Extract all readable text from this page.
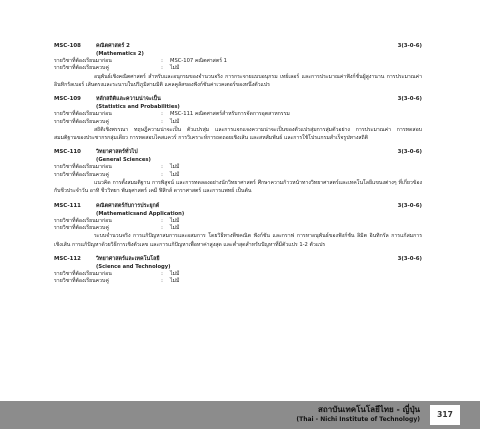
MSC-108	คณิตศาสตร์ 2	3(3-0-6)
(Mathematics 2)
รายวิชาที่ต้องเรียนมาก่อน	:	MSC-107 คณิตศาสตร์ 1
รายวิชาที่ต้องเรียนควบคู่	:	ไม่มี
อนุพันธ์เชิงคณิตศาสตร์ สำหรับและอนุกรมของจำนวนจริง การกระจายแบบอนุกรม เทย์เลอร์ และการประมาณค่าฟังก์ชั่นผู้สูงานาน การประมาณค่าอินทิกรัลเบอร์ เส้นตรงและระนาบในปริภูมิสามมิติ แคลคูลัสของฟังก์ชันค่าเวคเตอร์ของหนึ่งตัวแปร
MSC-109	หลักสถิติและความน่าจะเป็น	3(3-0-6)
(Statistics and Probabilities)
รายวิชาที่ต้องเรียนมาก่อน	:	MSC-111 คณิตศาสตร์สำหรับการจัดการอุตสาหกรรม
รายวิชาที่ต้องเรียนควบคู่	:	ไม่มี
สถิติเชิงพรรณา ทฤษฎีความน่าจะเป็น ตัวแปรสุ่ม และการแจกแจงความน่าจะเป็นของตัวแปรสุ่มการสุ่มตัวอย่าง การประมาณค่า การทดสอบสมมติฐานของประชากรกลุ่มเดียว การทดสอบไคสแควร์ การวิเคราะห์การถดถอยเชิงเส้น และสหสัมพันธ์ และการใช้โปรแกรมสำเร็จรูปทางสถิติ
MSC-110	วิทยาศาสตร์ทั่วไป	3(3-0-6)
(General Sciences)
รายวิชาที่ต้องเรียนมาก่อน	:	ไม่มี
รายวิชาที่ต้องเรียนควบคู่	:	ไม่มี
แนวคิด การตั้งสมมติฐาน การพิสูจน์ และการทดลองอย่างนักวิทยาศาสตร์ ศึกษาความก้าวหน้าทางวิทยาศาสตร์และเทคโนโลยีแขนงต่างๆ ที่เกี่ยวข้องกับชีวประจำวัน อาทิ ชีววิทยา พันธุศาสตร์ เคมี ฟิสิกส์ ดาราศาสตร์ และการแพทย์ เป็นต้น
MSC-111	คณิตศาสตร์กับการประยุกต์	3(3-0-6)
(Mathematicsand Application)
รายวิชาที่ต้องเรียนมาก่อน	:	ไม่มี
รายวิชาที่ต้องเรียนควบคู่	:	ไม่มี
ระบบจำนวนจริง การแก้ปัญหาสมการและอสมการ โดยวิธีทางพีชคณิต ฟังก์ชัน และกราฟ การหาอนุพันธ์ของฟังก์ชัน ลิมิต อินทิกรัล การแก้สมการเชิงเส้น การแก้ปัญหาด้วยวิธีการเชิงตัวเลข และการแก้ปัญหาเพื่อหาค่าสูงสุด และต่ำสุดสำหรับปัญหาที่มีตัวแปร 1-2 ตัวแปร
MSC-112	วิทยาศาสตร์และเทคโนโลยี	3(3-0-6)
(Science and Technology)
รายวิชาที่ต้องเรียนมาก่อน	:	ไม่มี
รายวิชาที่ต้องเรียนควบคู่	:	ไม่มี
สถาบันเทคโนโลยีไทย - ญี่ปุ่น
(Thai - Nichi Institute of Technology)
317
